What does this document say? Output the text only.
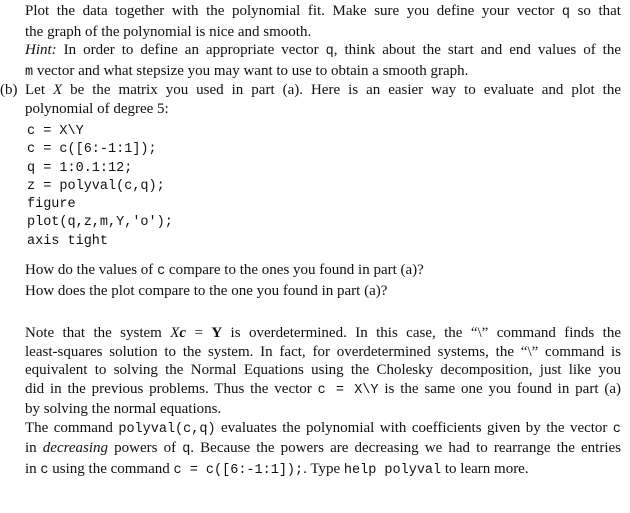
Plot the data together with the polynomial fit. Make sure you define your vector q so that
the graph of the polynomial is nice and smooth.
Hint: In order to define an appropriate vector q, think about the start and end values of the
m vector and what stepsize you may want to use to obtain a smooth graph.
(b) Let X be the matrix you used in part (a). Here is an easier way to evaluate and plot the
polynomial of degree 5:
c = X\Y
c = c([6:-1:1]);
q = 1:0.1:12;
z = polyval(c,q);
figure
plot(q,z,m,Y,'o');
axis tight
How do the values of c compare to the ones you found in part (a)?
How does the plot compare to the one you found in part (a)?
Note that the system Xc = Y is overdetermined. In this case, the “\” command finds the
least-squares solution to the system. In fact, for overdetermined systems, the “\” command is
equivalent to solving the Normal Equations using the Cholesky decomposition, just like you
did in the previous problems. Thus the vector c = X\Y is the same one you found in part (a)
by solving the normal equations.
The command polyval(c,q) evaluates the polynomial with coefficients given by the vector c
in decreasing powers of q. Because the powers are decreasing we had to rearrange the entries
in c using the command c = c([6:-1:1]);. Type help polyval to learn more.
